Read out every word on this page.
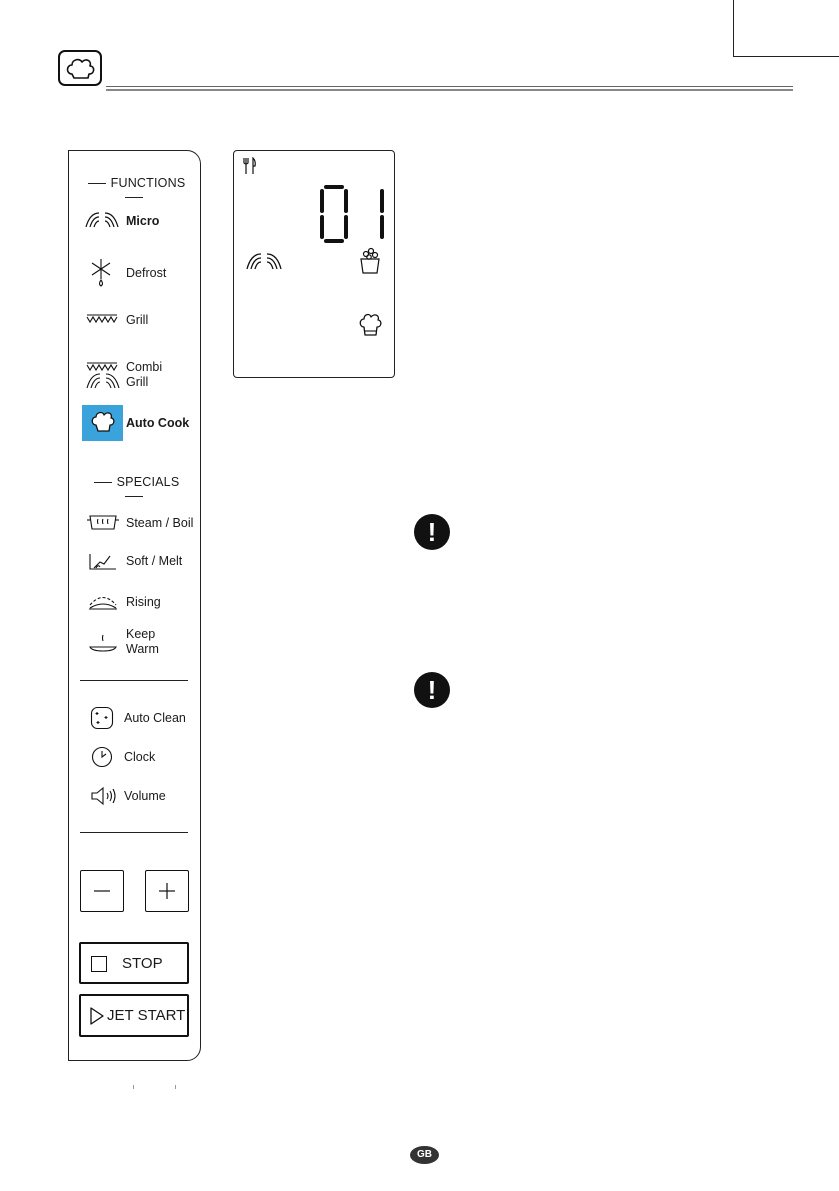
FUNCTIONS
Micro
Defrost
Grill
Combi
Grill
Auto Cook
SPECIALS
Steam / Boil
Soft / Melt
Rising
Keep
Warm
Auto Clean
Clock
Volume
STOP
JET START
!
!
GB
